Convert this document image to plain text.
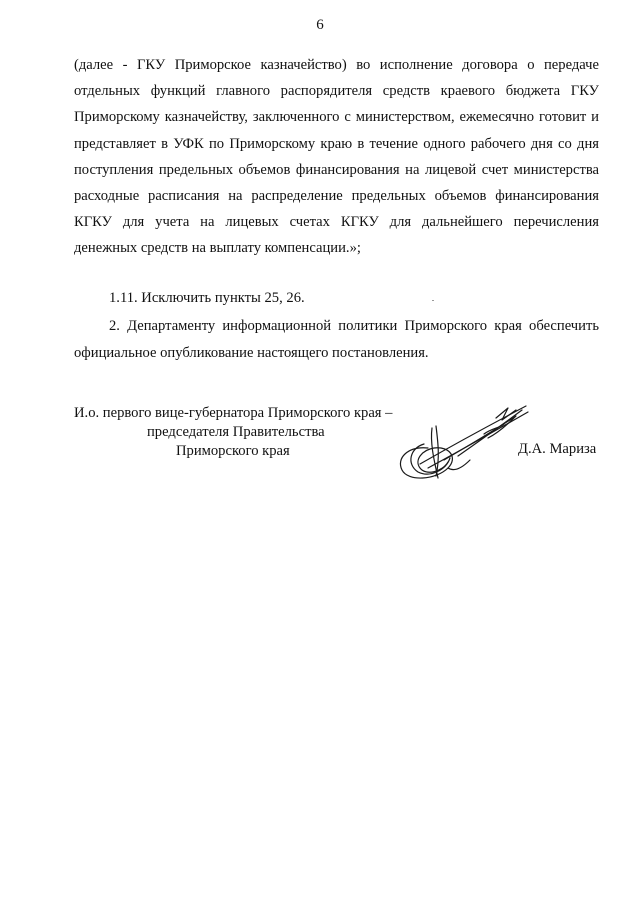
6

(далее - ГКУ Приморское казначейство) во исполнение договора о передаче отдельных функций главного распорядителя средств краевого бюджета ГКУ Приморскому казначейству, заключенного с министерством, ежемесячно готовит и представляет в УФК по Приморскому краю в течение одного рабочего дня со дня поступления предельных объемов финансирования на лицевой счет министерства расходные расписания на распределение предельных объемов финансирования КГКУ для учета на лицевых счетах КГКУ для дальнейшего перечисления денежных средств на выплату компенсации.»;

1.11. Исключить пункты 25, 26.

2. Департаменту информационной политики Приморского края обеспечить официальное опубликование настоящего постановления.

И.о. первого вице-губернатора Приморского края –
председателя Правительства
Приморского края	Д.А. Мариза
